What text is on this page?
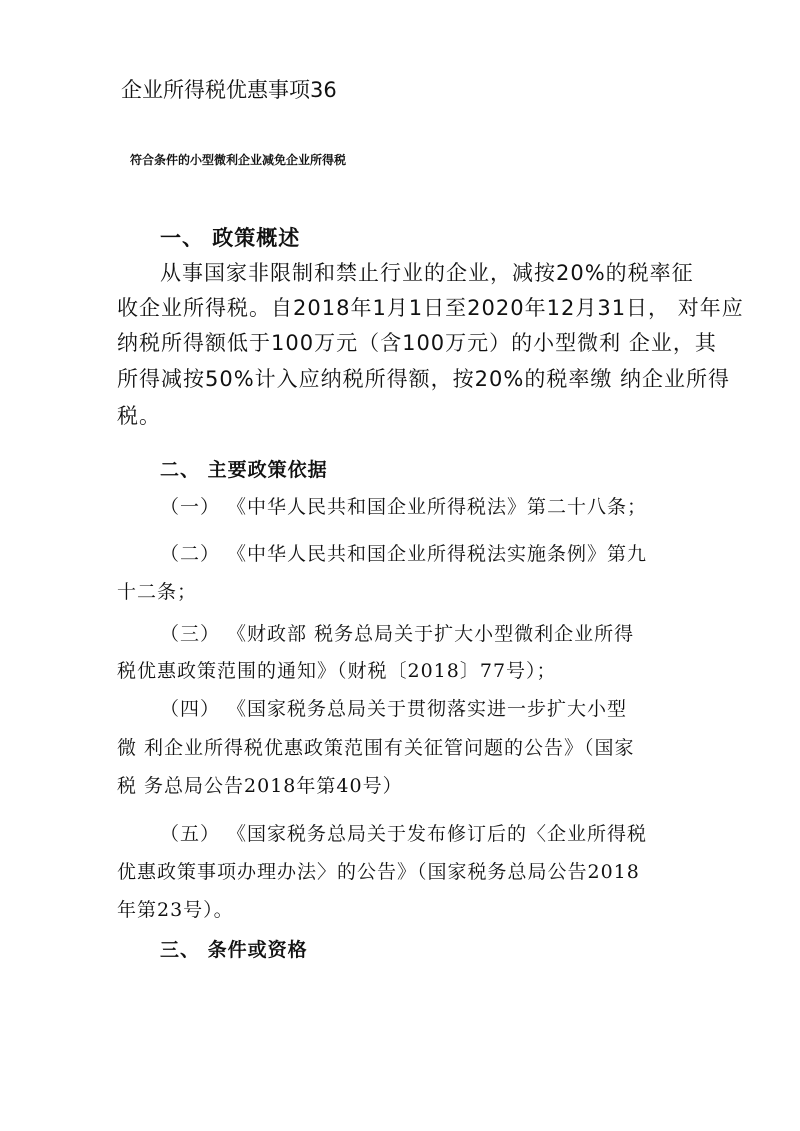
企业所得税优惠事项36
符合条件的小型微利企业减免企业所得税
一、 政策概述
从事国家非限制和禁止行业的企业，减按20%的税率征
收企业所得税。自2018年1月1日至2020年12月31日， 对年应
纳税所得额低于100万元（含100万元）的小型微利 企业，其
所得减按50%计入应纳税所得额，按20%的税率缴 纳企业所得
税。
二、 主要政策依据
（一） 《中华人民共和国企业所得税法》第二十八条；
（二） 《中华人民共和国企业所得税法实施条例》第九
十二条；
（三） 《财政部 税务总局关于扩大小型微利企业所得
税优惠政策范围的通知》（财税〔2018〕77号）；
（四） 《国家税务总局关于贯彻落实进一步扩大小型
微 利企业所得税优惠政策范围有关征管问题的公告》（国家
税 务总局公告2018年第40号）
（五） 《国家税务总局关于发布修订后的〈企业所得税
优惠政策事项办理办法〉的公告》（国家税务总局公告2018
年第23号）。
三、 条件或资格
